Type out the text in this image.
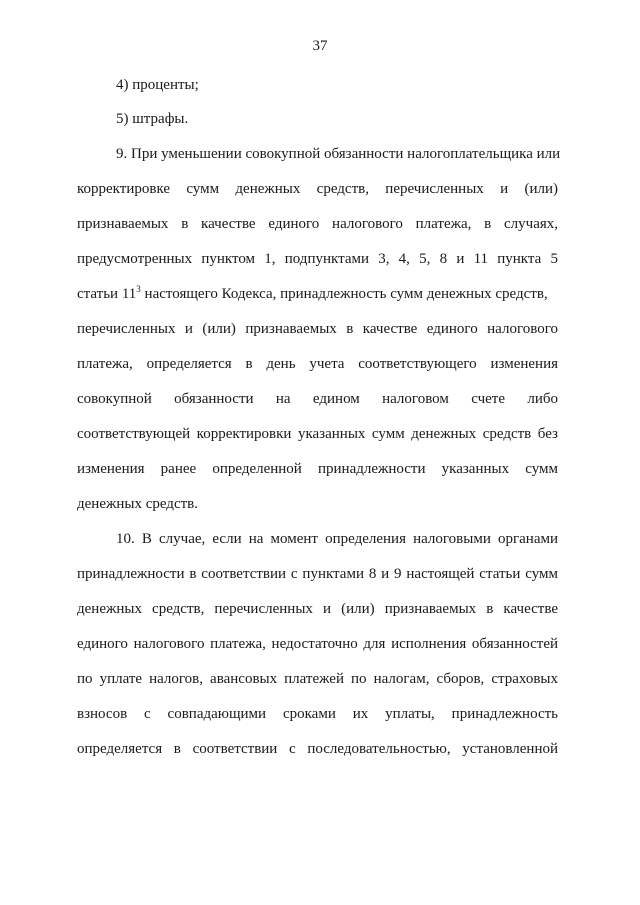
37
4) проценты;
5) штрафы.
9. При уменьшении совокупной обязанности налогоплательщика или
корректировке сумм денежных средств, перечисленных и (или)
признаваемых в качестве единого налогового платежа, в случаях,
предусмотренных пунктом 1, подпунктами 3, 4, 5, 8 и 11 пункта 5
статьи $11^3$ настоящего Кодекса, принадлежность сумм денежных средств,
перечисленных и (или) признаваемых в качестве единого налогового
платежа, определяется в день учета соответствующего изменения
совокупной обязанности на едином налоговом счете либо
соответствующей корректировки указанных сумм денежных средств без
изменения ранее определенной принадлежности указанных сумм
денежных средств.
10. В случае, если на момент определения налоговыми органами
принадлежности в соответствии с пунктами 8 и 9 настоящей статьи сумм
денежных средств, перечисленных и (или) признаваемых в качестве
единого налогового платежа, недостаточно для исполнения обязанностей
по уплате налогов, авансовых платежей по налогам, сборов, страховых
взносов с совпадающими сроками их уплаты, принадлежность
определяется в соответствии с последовательностью, установленной
